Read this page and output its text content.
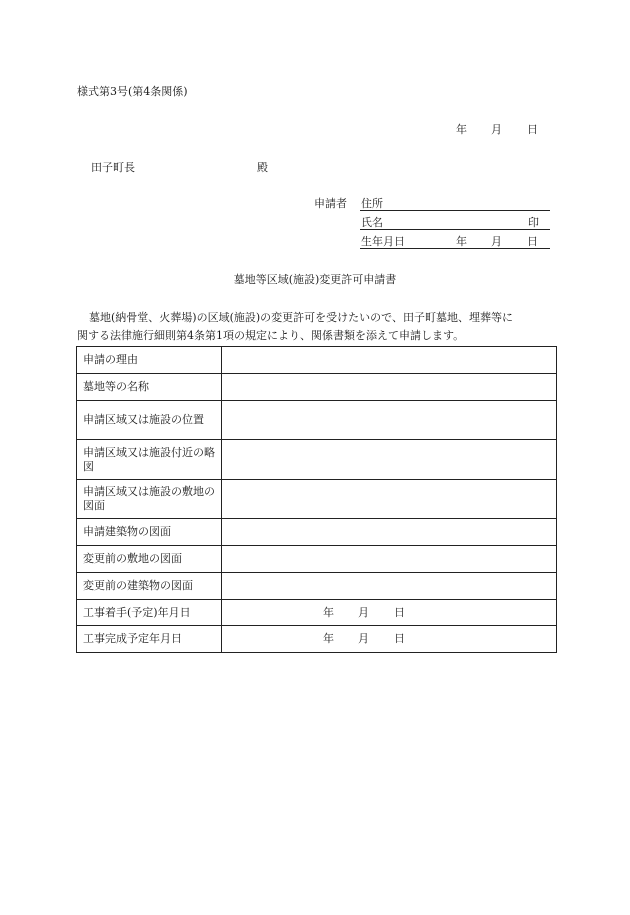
様式第3号(第4条関係)
年 月 日
田子町長	殿
申請者 住所
氏名	印
生年月日	年 月 日
墓地等区域(施設)変更許可申請書
墓地(納骨堂、火葬場)の区域(施設)の変更許可を受けたいので、田子町墓地、埋葬等に
関する法律施行細則第4条第1項の規定により、関係書類を添えて申請します。
申請の理由	
墓地等の名称	
申請区域又は施設の位置	
申請区域又は施設付近の略図	
申請区域又は施設の敷地の図面	
申請建築物の図面	
変更前の敷地の図面	
変更前の建築物の図面	
工事着手(予定)年月日	年 月 日

工事完成予定年月日	年 月 日
